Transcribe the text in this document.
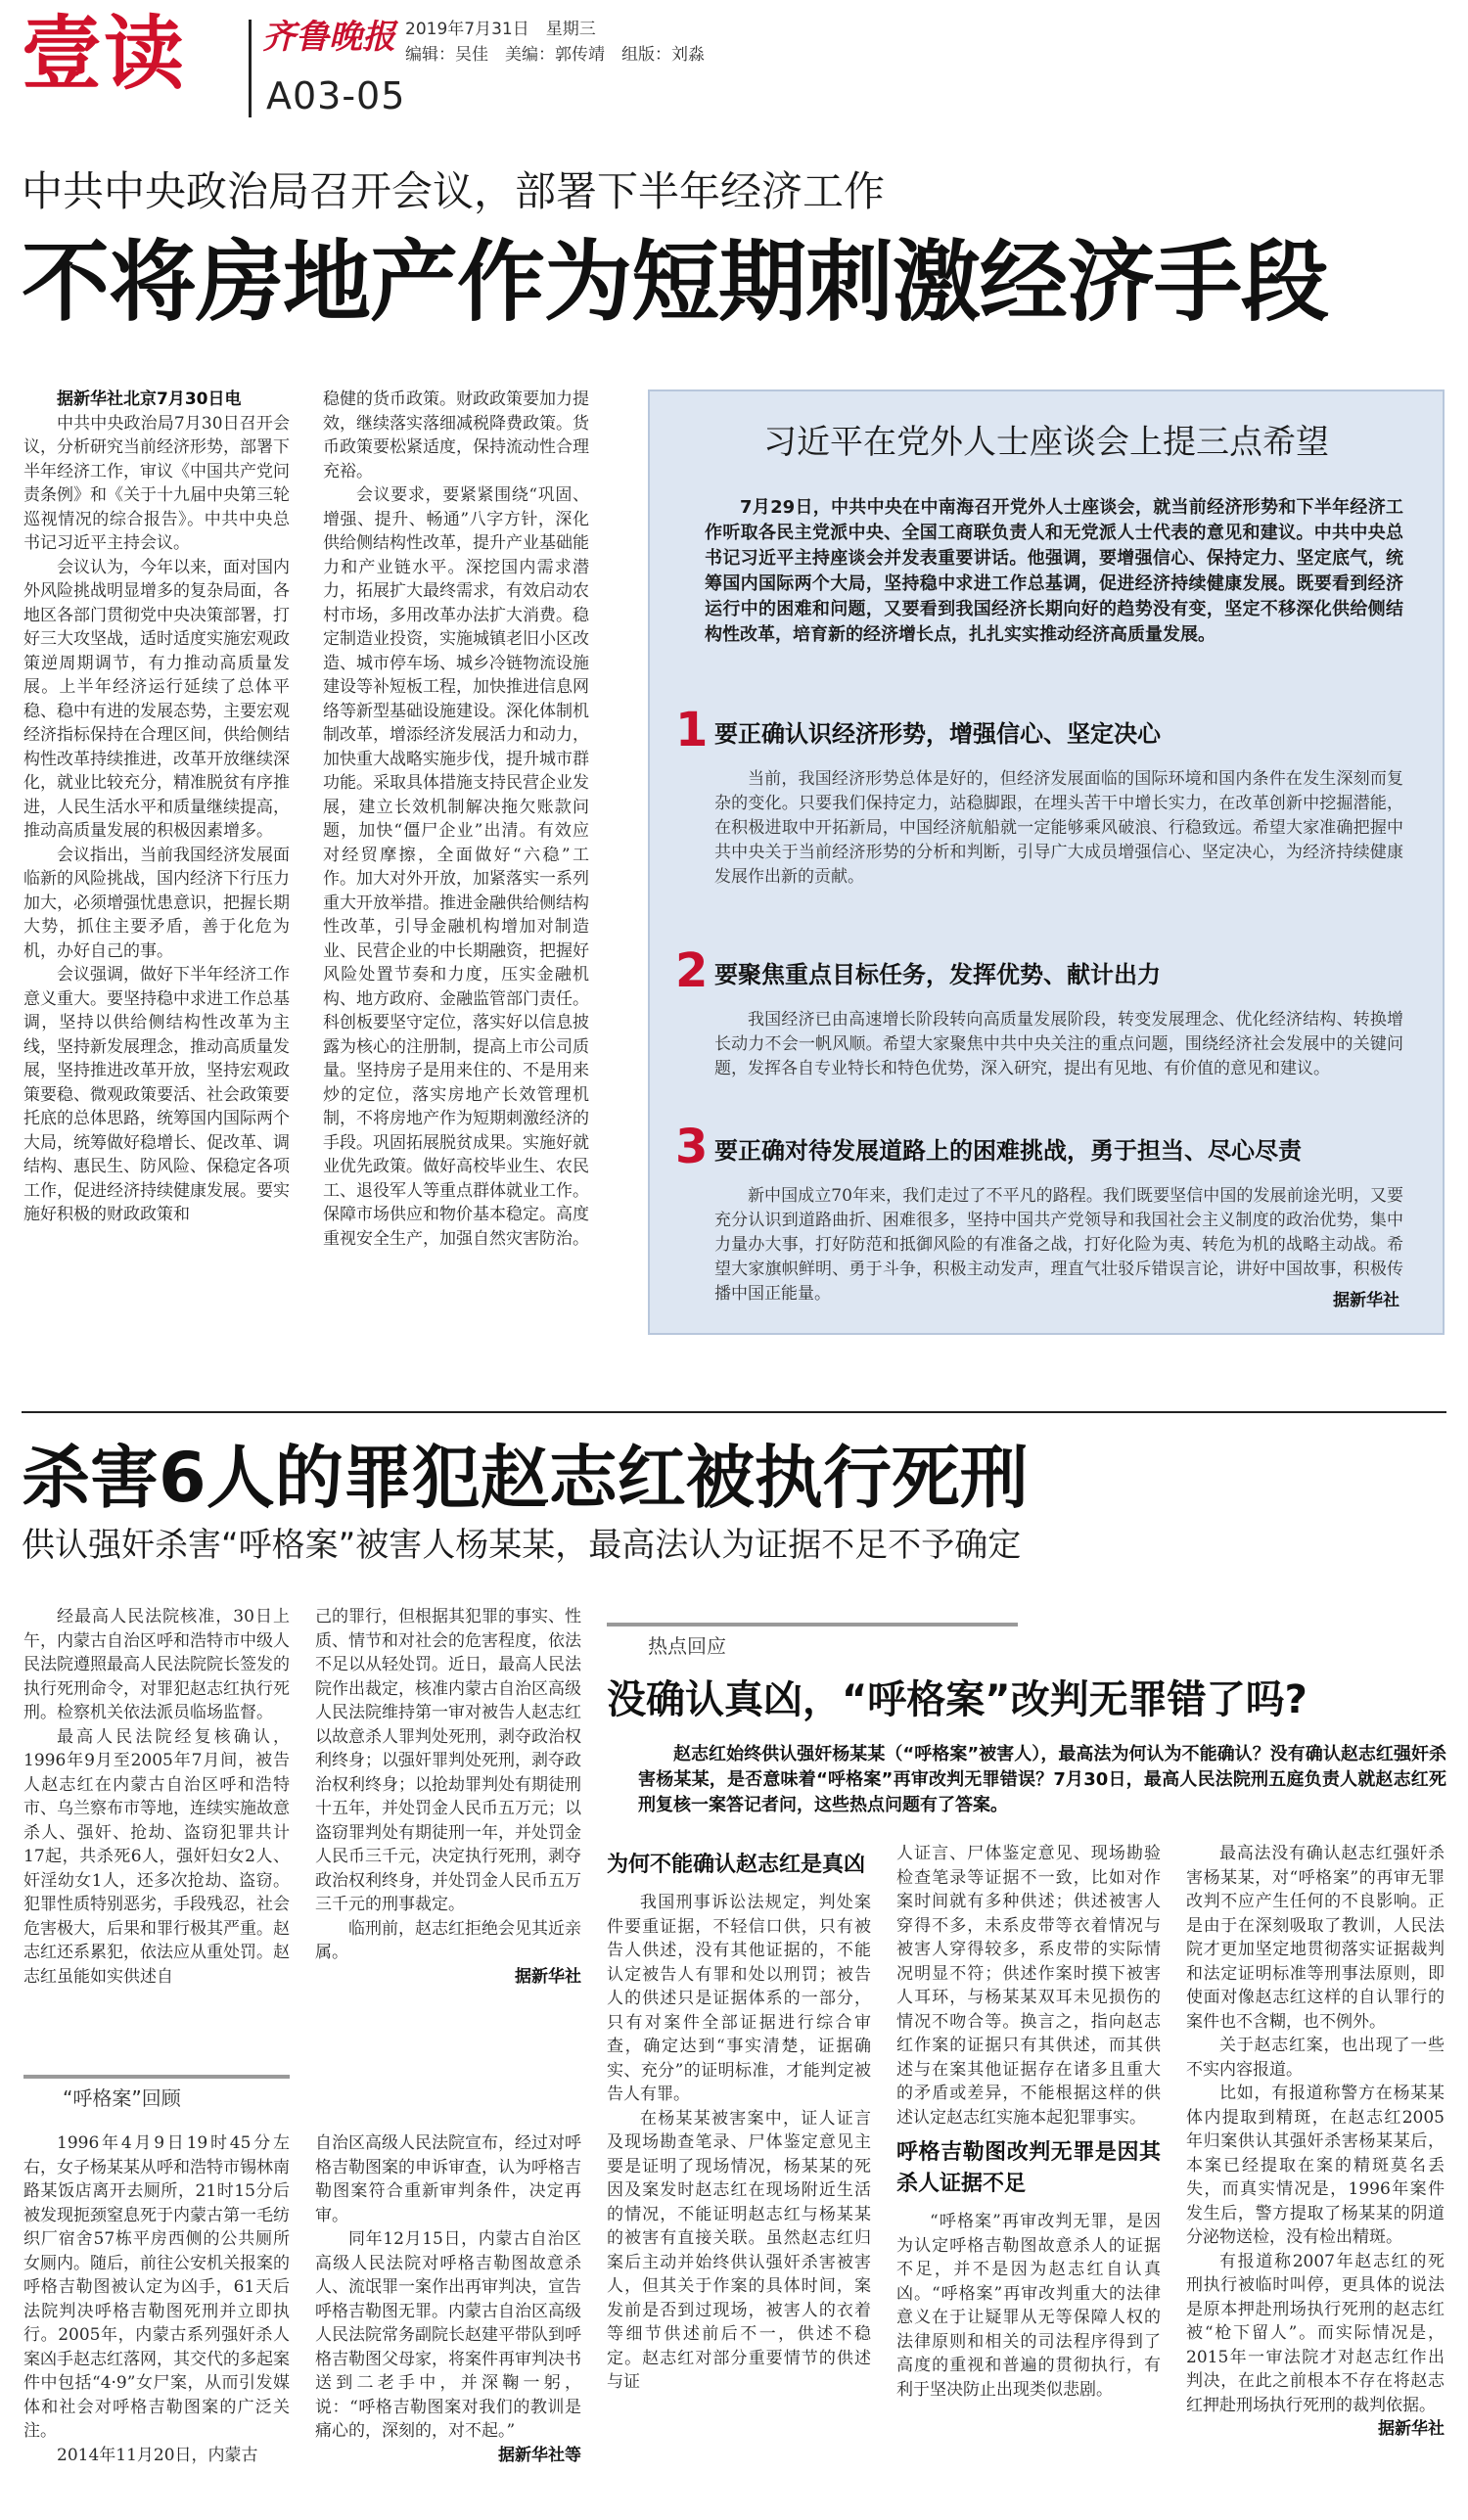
壹读 齐鲁晚报 2019年7月31日　星期三
编辑：吴佳　美编：郭传靖　组版：刘淼
A03-05
中共中央政治局召开会议，部署下半年经济工作
不将房地产作为短期刺激经济手段

据新华社北京7月30日电

中共中央政治局7月30日召开会议，分析研究当前经济形势，部署下半年经济工作，审议《中国共产党问责条例》和《关于十九届中央第三轮巡视情况的综合报告》。中共中央总书记习近平主持会议。

会议认为，今年以来，面对国内外风险挑战明显增多的复杂局面，各地区各部门贯彻党中央决策部署，打好三大攻坚战，适时适度实施宏观政策逆周期调节，有力推动高质量发展。上半年经济运行延续了总体平稳、稳中有进的发展态势，主要宏观经济指标保持在合理区间，供给侧结构性改革持续推进，改革开放继续深化，就业比较充分，精准脱贫有序推进，人民生活水平和质量继续提高，推动高质量发展的积极因素增多。

会议指出，当前我国经济发展面临新的风险挑战，国内经济下行压力加大，必须增强忧患意识，把握长期大势，抓住主要矛盾，善于化危为机，办好自己的事。

会议强调，做好下半年经济工作意义重大。要坚持稳中求进工作总基调，坚持以供给侧结构性改革为主线，坚持新发展理念，推动高质量发展，坚持推进改革开放，坚持宏观政策要稳、微观政策要活、社会政策要托底的总体思路，统筹国内国际两个大局，统筹做好稳增长、促改革、调结构、惠民生、防风险、保稳定各项工作，促进经济持续健康发展。要实施好积极的财政政策和

稳健的货币政策。财政政策要加力提效，继续落实落细减税降费政策。货币政策要松紧适度，保持流动性合理充裕。

会议要求，要紧紧围绕“巩固、增强、提升、畅通”八字方针，深化供给侧结构性改革，提升产业基础能力和产业链水平。深挖国内需求潜力，拓展扩大最终需求，有效启动农村市场，多用改革办法扩大消费。稳定制造业投资，实施城镇老旧小区改造、城市停车场、城乡冷链物流设施建设等补短板工程，加快推进信息网络等新型基础设施建设。深化体制机制改革，增添经济发展活力和动力，加快重大战略实施步伐，提升城市群功能。采取具体措施支持民营企业发展，建立长效机制解决拖欠账款问题，加快“僵尸企业”出清。有效应对经贸摩擦，全面做好“六稳”工作。加大对外开放，加紧落实一系列重大开放举措。推进金融供给侧结构性改革，引导金融机构增加对制造业、民营企业的中长期融资，把握好风险处置节奏和力度，压实金融机构、地方政府、金融监管部门责任。科创板要坚守定位，落实好以信息披露为核心的注册制，提高上市公司质量。坚持房子是用来住的、不是用来炒的定位，落实房地产长效管理机制，不将房地产作为短期刺激经济的手段。巩固拓展脱贫成果。实施好就业优先政策。做好高校毕业生、农民工、退役军人等重点群体就业工作。保障市场供应和物价基本稳定。高度重视安全生产，加强自然灾害防治。

习近平在党外人士座谈会上提三点希望
7月29日，中共中央在中南海召开党外人士座谈会，就当前经济形势和下半年经济工作听取各民主党派中央、全国工商联负责人和无党派人士代表的意见和建议。中共中央总书记习近平主持座谈会并发表重要讲话。他强调，要增强信心、保持定力、坚定底气，统筹国内国际两个大局，坚持稳中求进工作总基调，促进经济持续健康发展。既要看到经济运行中的困难和问题，又要看到我国经济长期向好的趋势没有变，坚定不移深化供给侧结构性改革，培育新的经济增长点，扎扎实实推动经济高质量发展。
1 要正确认识经济形势，增强信心、坚定决心
当前，我国经济形势总体是好的，但经济发展面临的国际环境和国内条件在发生深刻而复杂的变化。只要我们保持定力，站稳脚跟，在埋头苦干中增长实力，在改革创新中挖掘潜能，在积极进取中开拓新局，中国经济航船就一定能够乘风破浪、行稳致远。希望大家准确把握中共中央关于当前经济形势的分析和判断，引导广大成员增强信心、坚定决心，为经济持续健康发展作出新的贡献。
2 要聚焦重点目标任务，发挥优势、献计出力
我国经济已由高速增长阶段转向高质量发展阶段，转变发展理念、优化经济结构、转换增长动力不会一帆风顺。希望大家聚焦中共中央关注的重点问题，围绕经济社会发展中的关键问题，发挥各自专业特长和特色优势，深入研究，提出有见地、有价值的意见和建议。
3 要正确对待发展道路上的困难挑战，勇于担当、尽心尽责
新中国成立70年来，我们走过了不平凡的路程。我们既要坚信中国的发展前途光明，又要充分认识到道路曲折、困难很多，坚持中国共产党领导和我国社会主义制度的政治优势，集中力量办大事，打好防范和抵御风险的有准备之战，打好化险为夷、转危为机的战略主动战。希望大家旗帜鲜明、勇于斗争，积极主动发声，理直气壮驳斥错误言论，讲好中国故事，积极传播中国正能量。	据新华社
杀害6人的罪犯赵志红被执行死刑
供认强奸杀害“呼格案”被害人杨某某，最高法认为证据不足不予确定

经最高人民法院核准，30日上午，内蒙古自治区呼和浩特市中级人民法院遵照最高人民法院院长签发的执行死刑命令，对罪犯赵志红执行死刑。检察机关依法派员临场监督。

最高人民法院经复核确认，1996年9月至2005年7月间，被告人赵志红在内蒙古自治区呼和浩特市、乌兰察布市等地，连续实施故意杀人、强奸、抢劫、盗窃犯罪共计17起，共杀死6人，强奸妇女2人、奸淫幼女1人，还多次抢劫、盗窃。犯罪性质特别恶劣，手段残忍，社会危害极大，后果和罪行极其严重。赵志红还系累犯，依法应从重处罚。赵志红虽能如实供述自

己的罪行，但根据其犯罪的事实、性质、情节和对社会的危害程度，依法不足以从轻处罚。近日，最高人民法院作出裁定，核准内蒙古自治区高级人民法院维持第一审对被告人赵志红以故意杀人罪判处死刑，剥夺政治权利终身；以强奸罪判处死刑，剥夺政治权利终身；以抢劫罪判处有期徒刑十五年，并处罚金人民币五万元；以盗窃罪判处有期徒刑一年，并处罚金人民币三千元，决定执行死刑，剥夺政治权利终身，并处罚金人民币五万三千元的刑事裁定。

临刑前，赵志红拒绝会见其近亲属。

据新华社
“呼格案”回顾

1996年4月9日19时45分左右，女子杨某某从呼和浩特市锡林南路某饭店离开去厕所，21时15分后被发现扼颈窒息死于内蒙古第一毛纺织厂宿舍57栋平房西侧的公共厕所女厕内。随后，前往公安机关报案的呼格吉勒图被认定为凶手，61天后法院判决呼格吉勒图死刑并立即执行。2005年，内蒙古系列强奸杀人案凶手赵志红落网，其交代的多起案件中包括“4·9”女尸案，从而引发媒体和社会对呼格吉勒图案的广泛关注。

2014年11月20日，内蒙古

自治区高级人民法院宣布，经过对呼格吉勒图案的申诉审查，认为呼格吉勒图案符合重新审判条件，决定再审。

同年12月15日，内蒙古自治区高级人民法院对呼格吉勒图故意杀人、流氓罪一案作出再审判决，宣告呼格吉勒图无罪。内蒙古自治区高级人民法院常务副院长赵建平带队到呼格吉勒图父母家，将案件再审判决书送到二老手中，并深鞠一躬，说：“呼格吉勒图案对我们的教训是痛心的，深刻的，对不起。”

据新华社等
热点回应
没确认真凶，“呼格案”改判无罪错了吗?
赵志红始终供认强奸杨某某（“呼格案”被害人），最高法为何认为不能确认？没有确认赵志红强奸杀害杨某某，是否意味着“呼格案”再审改判无罪错误？7月30日，最高人民法院刑五庭负责人就赵志红死刑复核一案答记者问，这些热点问题有了答案。

为何不能确认赵志红是真凶

我国刑事诉讼法规定，判处案件要重证据，不轻信口供，只有被告人供述，没有其他证据的，不能认定被告人有罪和处以刑罚；被告人的供述只是证据体系的一部分，只有对案件全部证据进行综合审查，确定达到“事实清楚，证据确实、充分”的证明标准，才能判定被告人有罪。

在杨某某被害案中，证人证言及现场勘查笔录、尸体鉴定意见主要是证明了现场情况，杨某某的死因及案发时赵志红在现场附近生活的情况，不能证明赵志红与杨某某的被害有直接关联。虽然赵志红归案后主动并始终供认强奸杀害被害人，但其关于作案的具体时间，案发前是否到过现场，被害人的衣着等细节供述前后不一，供述不稳定。赵志红对部分重要情节的供述与证

人证言、尸体鉴定意见、现场勘验检查笔录等证据不一致，比如对作案时间就有多种供述；供述被害人穿得不多，未系皮带等衣着情况与被害人穿得较多，系皮带的实际情况明显不符；供述作案时摸下被害人耳环，与杨某某双耳未见损伤的情况不吻合等。换言之，指向赵志红作案的证据只有其供述，而其供述与在案其他证据存在诸多且重大的矛盾或差异，不能根据这样的供述认定赵志红实施本起犯罪事实。

呼格吉勒图改判无罪是因其杀人证据不足

“呼格案”再审改判无罪，是因为认定呼格吉勒图故意杀人的证据不足，并不是因为赵志红自认真凶。“呼格案”再审改判重大的法律意义在于让疑罪从无等保障人权的法律原则和相关的司法程序得到了高度的重视和普遍的贯彻执行，有利于坚决防止出现类似悲剧。

最高法没有确认赵志红强奸杀害杨某某，对“呼格案”的再审无罪改判不应产生任何的不良影响。正是由于在深刻吸取了教训，人民法院才更加坚定地贯彻落实证据裁判和法定证明标准等刑事法原则，即使面对像赵志红这样的自认罪行的案件也不含糊，也不例外。

关于赵志红案，也出现了一些不实内容报道。

比如，有报道称警方在杨某某体内提取到精斑，在赵志红2005年归案供认其强奸杀害杨某某后，本案已经提取在案的精斑莫名丢失，而真实情况是，1996年案件发生后，警方提取了杨某某的阴道分泌物送检，没有检出精斑。

有报道称2007年赵志红的死刑执行被临时叫停，更具体的说法是原本押赴刑场执行死刑的赵志红被“枪下留人”。而实际情况是，2015年一审法院才对赵志红作出判决，在此之前根本不存在将赵志红押赴刑场执行死刑的裁判依据。

据新华社
